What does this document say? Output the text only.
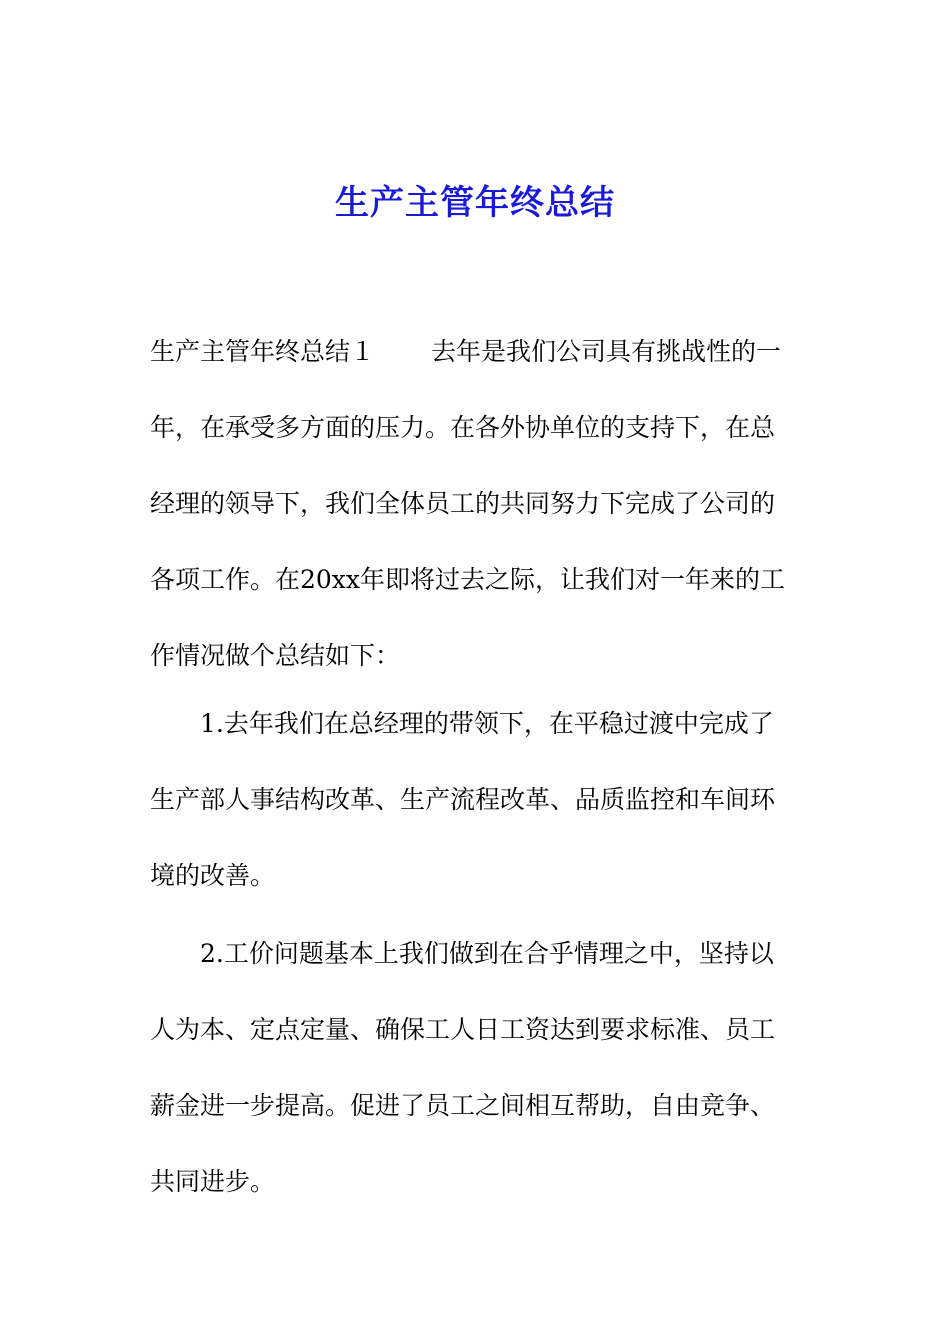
生产主管年终总结
生产主管年终总结１ 去年是我们公司具有挑战性的一
年，在承受多方面的压力。在各外协单位的支持下，在总
经理的领导下，我们全体员工的共同努力下完成了公司的
各项工作。在20xx年即将过去之际，让我们对一年来的工
作情况做个总结如下：
　　1.去年我们在总经理的带领下，在平稳过渡中完成了
生产部人事结构改革、生产流程改革、品质监控和车间环
境的改善。
　　2.工价问题基本上我们做到在合乎情理之中，坚持以
人为本、定点定量、确保工人日工资达到要求标准、员工
薪金进一步提高。促进了员工之间相互帮助，自由竞争、
共同进步。
